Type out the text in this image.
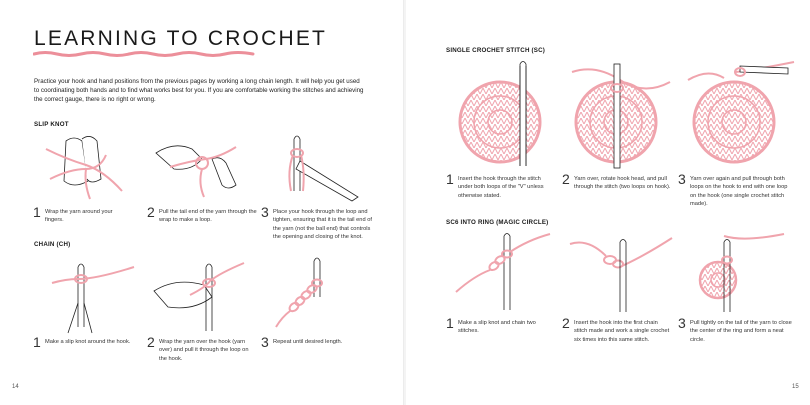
LEARNING TO CROCHET
Practice your hook and hand positions from the previous pages by working a long chain length. It will help you get used to coordinating both hands and to find what works best for you. If you are comfortable working the stitches and achieving the correct gauge, there is no right or wrong.
SLIP KNOT
1 Wrap the yarn around your fingers.
2 Pull the tail end of the yarn through the wrap to make a loop.
3 Place your hook through the loop and tighten, ensuring that it is the tail end of the yarn (not the ball end) that controls the opening and closing of the knot.
CHAIN (CH)
1 Make a slip knot around the hook. 2 Wrap the yarn over the hook (yarn over) and pull it through the loop on the hook.
3 Repeat until desired length.
14
SINGLE CROCHET STITCH (SC)
1 Insert the hook through the stitch under both loops of the "V" unless otherwise stated.
2 Yarn over, rotate hook head, and pull through the stitch (two loops on hook).
3 Yarn over again and pull through both loops on the hook to end with one loop on the hook (one single crochet stitch made).
SC6 INTO RING (MAGIC CIRCLE)
1 Make a slip knot and chain two stitches.
2 Insert the hook into the first chain stitch made and work a single crochet six times into this same stitch.
3 Pull tightly on the tail of the yarn to close the center of the ring and form a neat circle.
15
